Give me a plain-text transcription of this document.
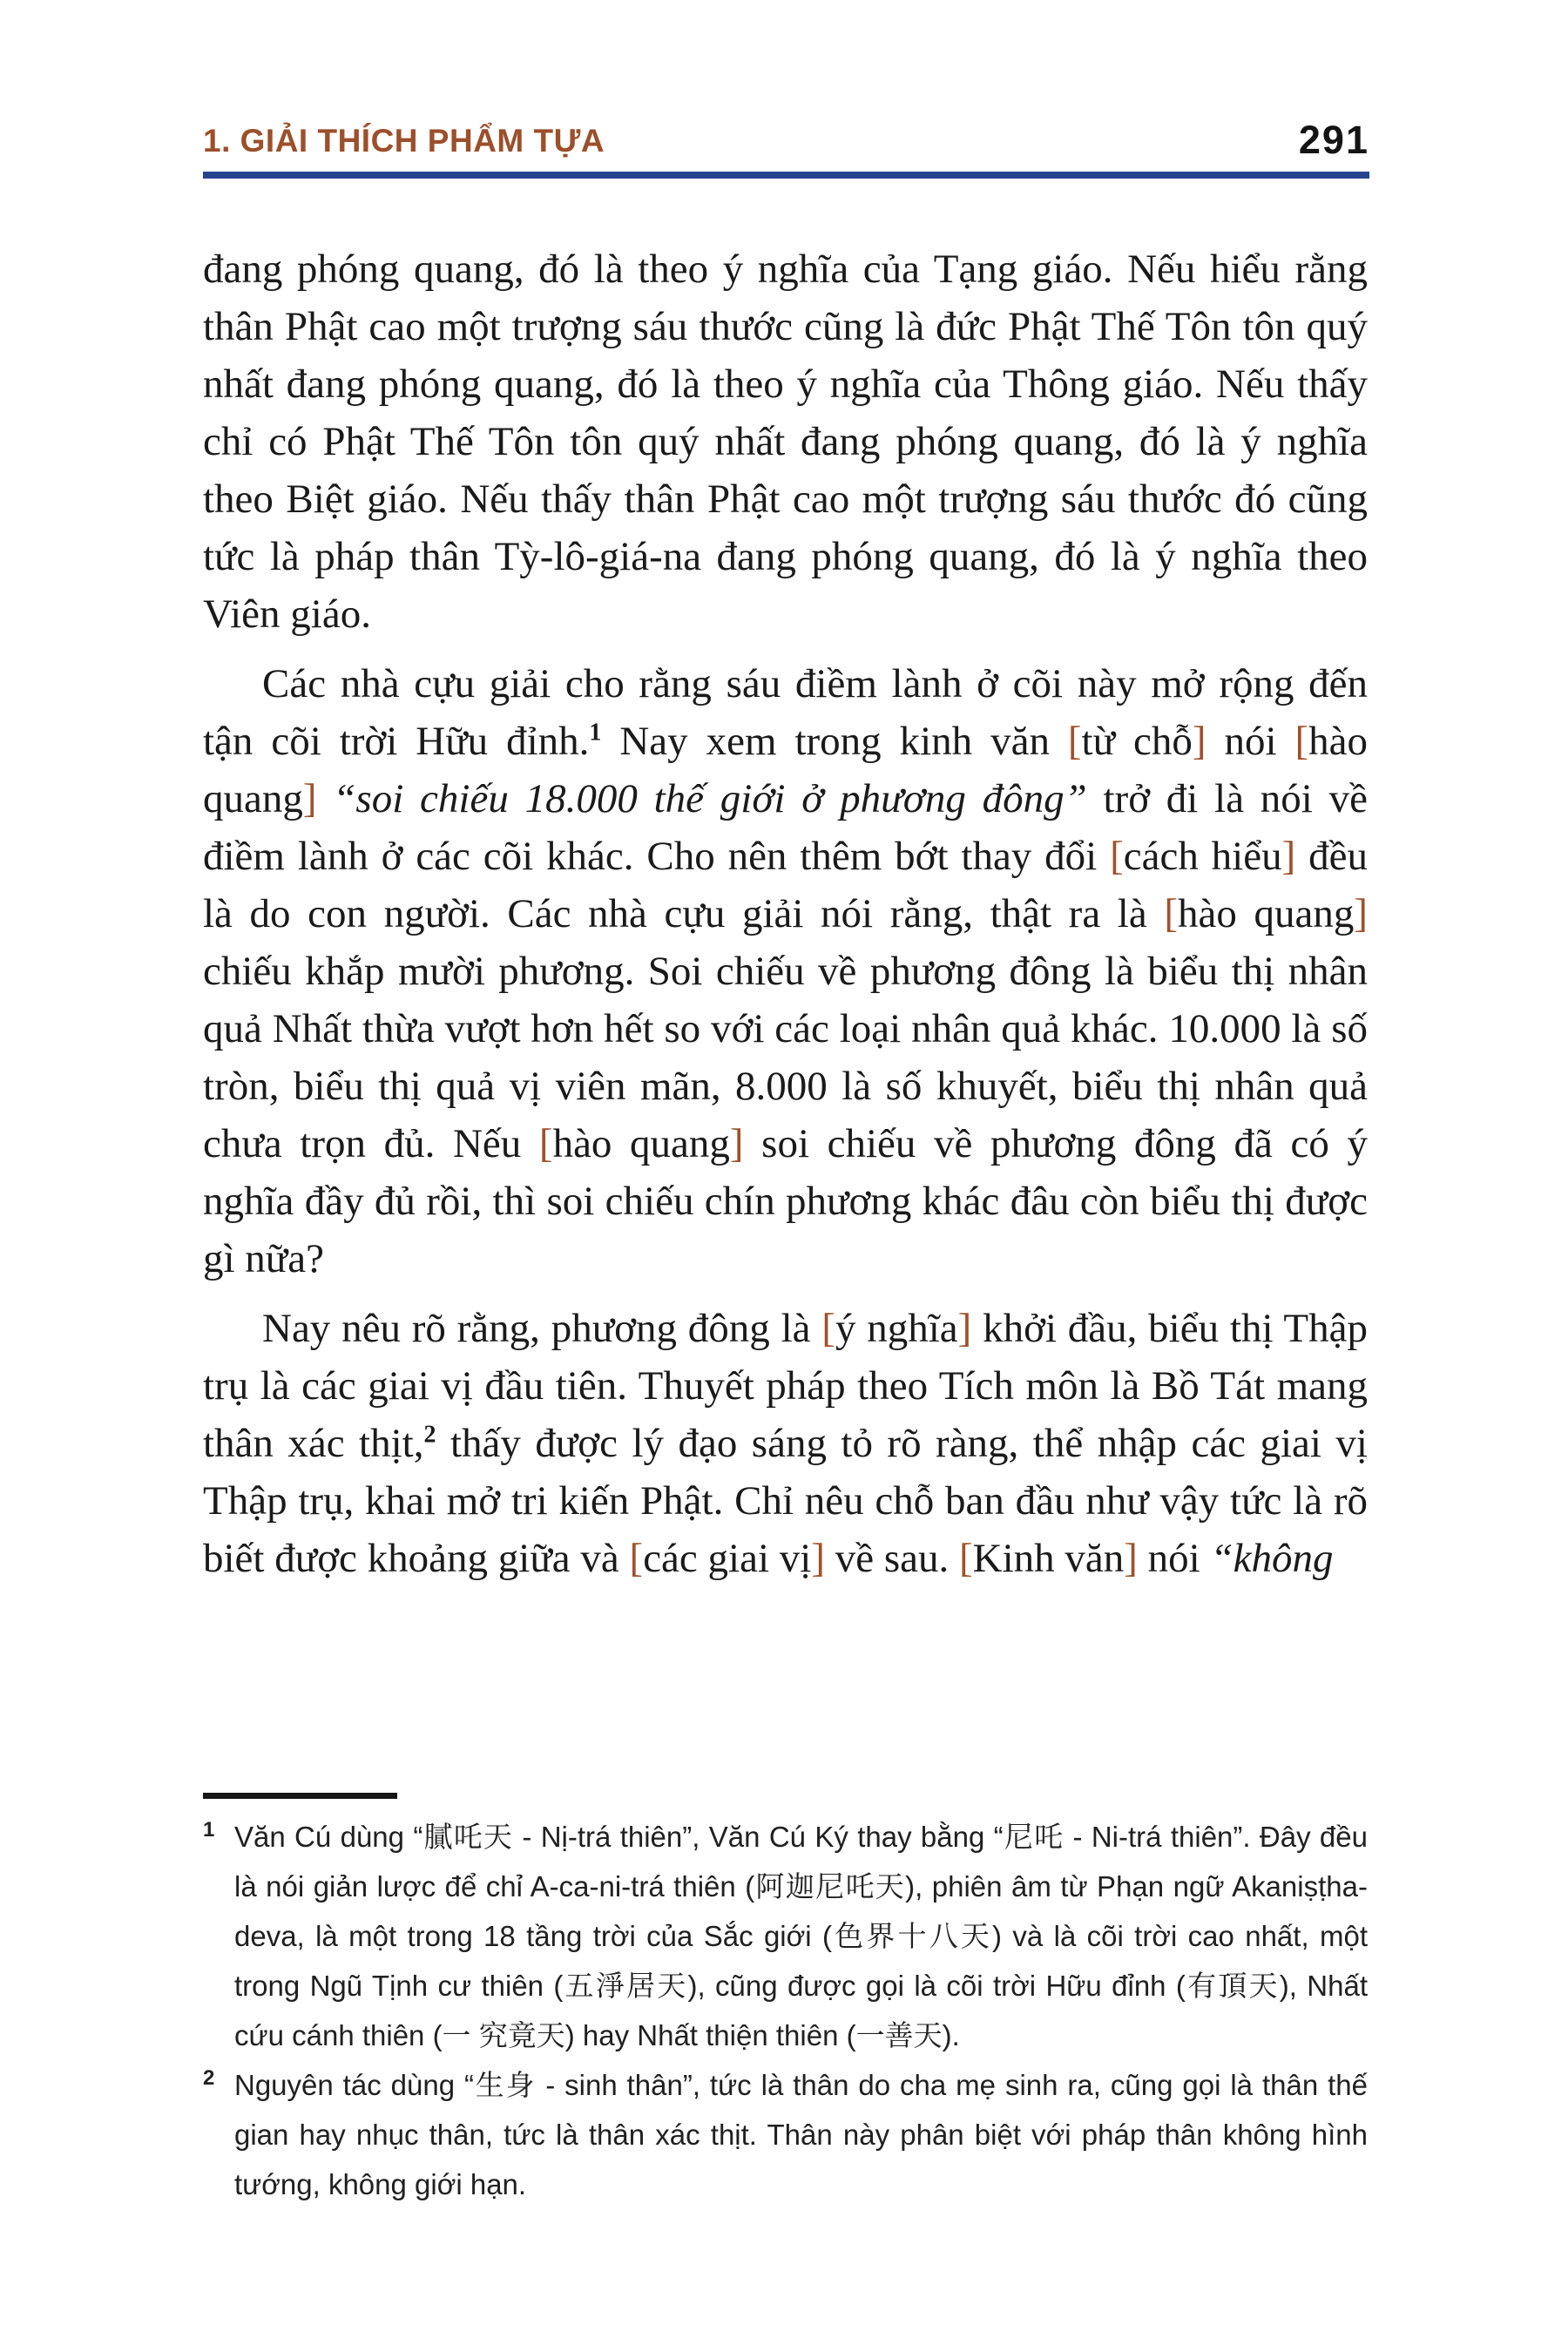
1. GIẢI THÍCH PHẨM TỰA	291

đang phóng quang, đó là theo ý nghĩa của Tạng giáo. Nếu hiểu rằng thân Phật cao một trượng sáu thước cũng là đức Phật Thế Tôn tôn quý nhất đang phóng quang, đó là theo ý nghĩa của Thông giáo. Nếu thấy chỉ có Phật Thế Tôn tôn quý nhất đang phóng quang, đó là ý nghĩa theo Biệt giáo. Nếu thấy thân Phật cao một trượng sáu thước đó cũng tức là pháp thân Tỳ-lô-giá-na đang phóng quang, đó là ý nghĩa theo Viên giáo.

Các nhà cựu giải cho rằng sáu điềm lành ở cõi này mở rộng đến tận cõi trời Hữu đỉnh.$^1$ Nay xem trong kinh văn [từ chỗ] nói [hào quang] “soi chiếu 18.000 thế giới ở phương đông” trở đi là nói về điềm lành ở các cõi khác. Cho nên thêm bớt thay đổi [cách hiểu] đều là do con người. Các nhà cựu giải nói rằng, thật ra là [hào quang] chiếu khắp mười phương. Soi chiếu về phương đông là biểu thị nhân quả Nhất thừa vượt hơn hết so với các loại nhân quả khác. 10.000 là số tròn, biểu thị quả vị viên mãn, 8.000 là số khuyết, biểu thị nhân quả chưa trọn đủ. Nếu [hào quang] soi chiếu về phương đông đã có ý nghĩa đầy đủ rồi, thì soi chiếu chín phương khác đâu còn biểu thị được gì nữa?

Nay nêu rõ rằng, phương đông là [ý nghĩa] khởi đầu, biểu thị Thập trụ là các giai vị đầu tiên. Thuyết pháp theo Tích môn là Bồ Tát mang thân xác thịt,$^2$ thấy được lý đạo sáng tỏ rõ ràng, thể nhập các giai vị Thập trụ, khai mở tri kiến Phật. Chỉ nêu chỗ ban đầu như vậy tức là rõ biết được khoảng giữa và [các giai vị] về sau. [Kinh văn] nói “không

1 Văn Cú dùng “膩吒天 - Nị-trá thiên”, Văn Cú Ký thay bằng “尼吒 - Ni-trá thiên”. Đây đều là nói giản lược để chỉ A-ca-ni-trá thiên (阿迦尼吒天), phiên âm từ Phạn ngữ Akaniṣṭha-deva, là một trong 18 tầng trời của Sắc giới (色界十八天) và là cõi trời cao nhất, một trong Ngũ Tịnh cư thiên (五淨居天), cũng được gọi là cõi trời Hữu đỉnh (有頂天), Nhất cứu cánh thiên (一 究竟天) hay Nhất thiện thiên (一善天).
2 Nguyên tác dùng “生身 - sinh thân”, tức là thân do cha mẹ sinh ra, cũng gọi là thân thế gian hay nhục thân, tức là thân xác thịt. Thân này phân biệt với pháp thân không hình tướng, không giới hạn.
